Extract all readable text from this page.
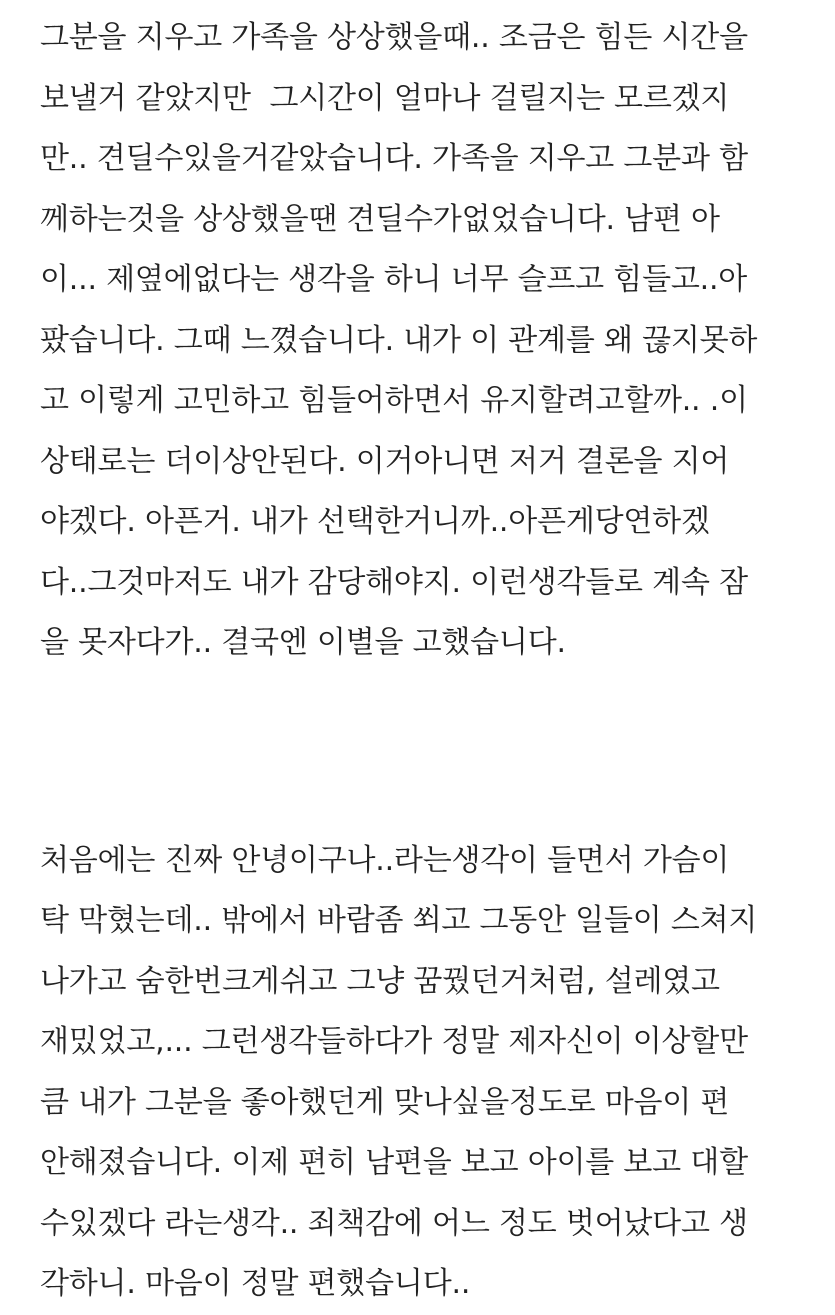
그분을 지우고 가족을 상상했을때.. 조금은 힘든 시간을
보낼거 같았지만  그시간이 얼마나 걸릴지는 모르겠지
만.. 견딜수있을거같았습니다. 가족을 지우고 그분과 함
께하는것을 상상했을땐 견딜수가없었습니다. 남편 아
이... 제옆에없다는 생각을 하니 너무 슬프고 힘들고..아
팠습니다. 그때 느꼈습니다. 내가 이 관계를 왜 끊지못하
고 이렇게 고민하고 힘들어하면서 유지할려고할까.. .이
상태로는 더이상안된다. 이거아니면 저거 결론을 지어
야겠다. 아픈거. 내가 선택한거니까..아픈게당연하겠
다..그것마저도 내가 감당해야지. 이런생각들로 계속 잠
을 못자다가.. 결국엔 이별을 고했습니다.

처음에는 진짜 안녕이구나..라는생각이 들면서 가슴이
탁 막혔는데.. 밖에서 바람좀 쐬고 그동안 일들이 스쳐지
나가고 숨한번크게쉬고 그냥 꿈꿨던거처럼, 설레였고
재밌었고,... 그런생각들하다가 정말 제자신이 이상할만
큼 내가 그분을 좋아했던게 맞나싶을정도로 마음이 편
안해졌습니다. 이제 편히 남편을 보고 아이를 보고 대할
수있겠다 라는생각.. 죄책감에 어느 정도 벗어났다고 생
각하니. 마음이 정말 편했습니다..
